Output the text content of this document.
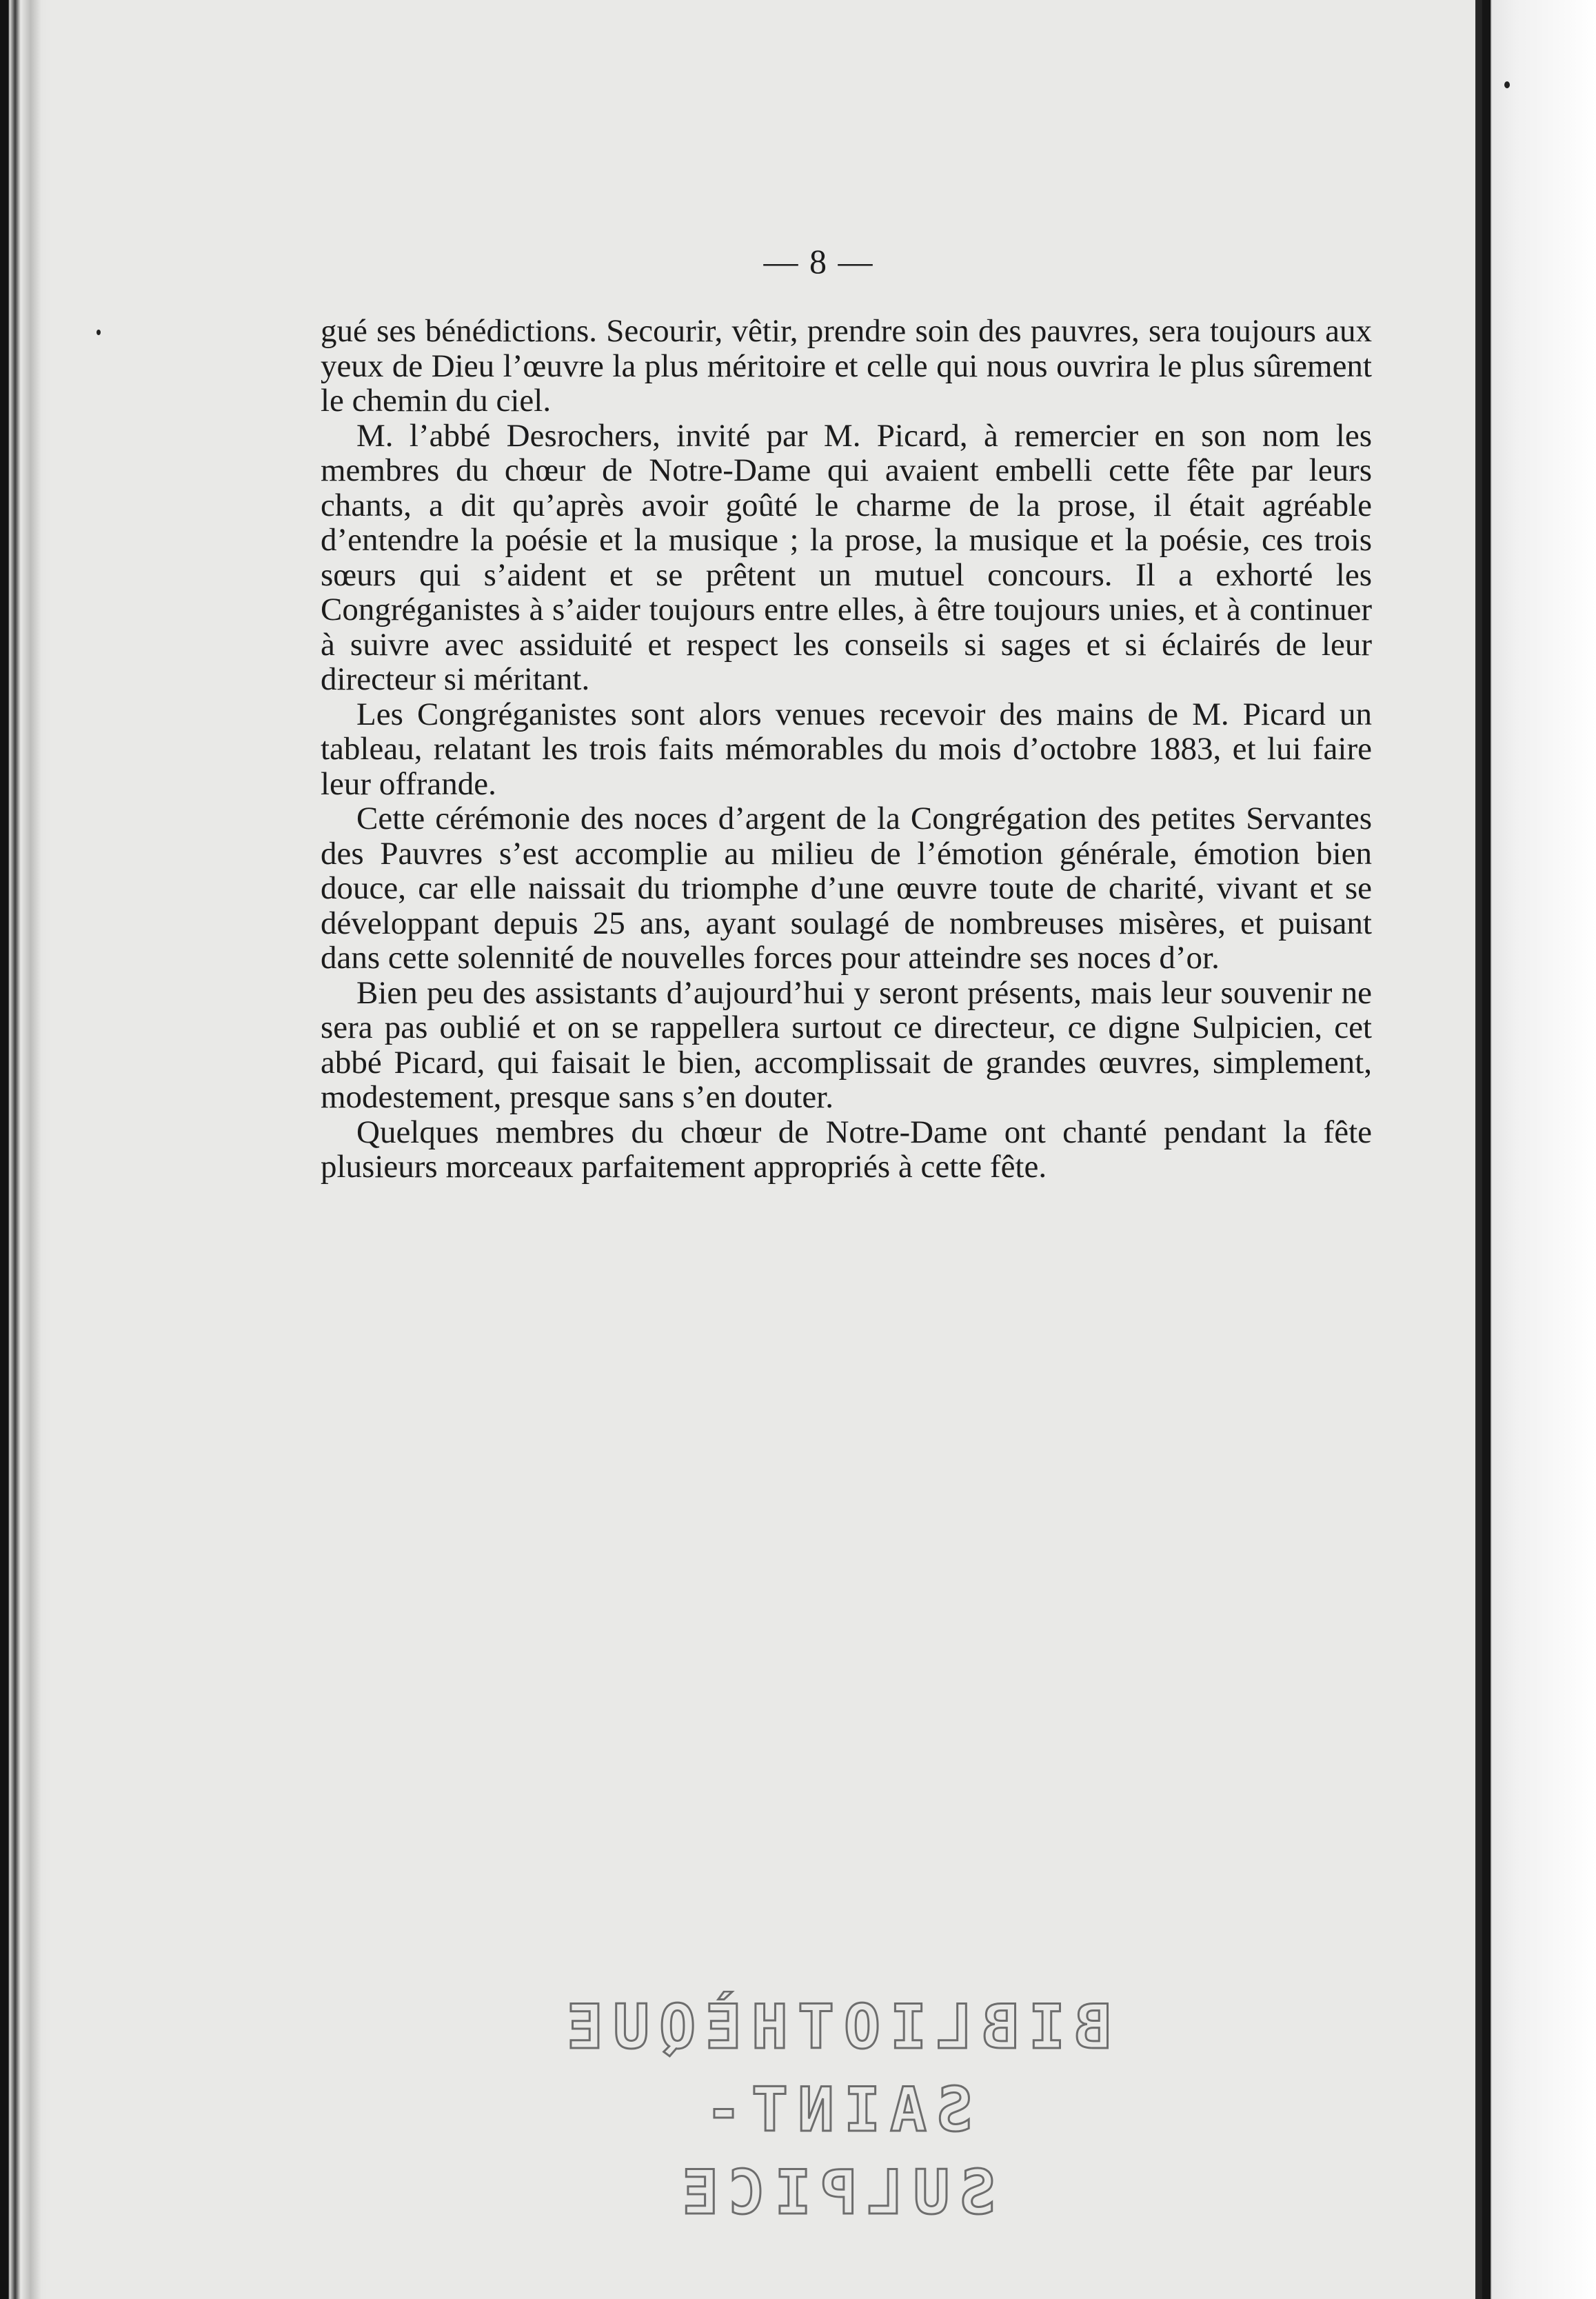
— 8 —

gué ses bénédictions. Secourir, vêtir, prendre soin des pauvres, sera toujours aux yeux de Dieu l’œuvre la plus méritoire et celle qui nous ouvrira le plus sûrement le chemin du ciel.

M. l’abbé Desrochers, invité par M. Picard, à remercier en son nom les membres du chœur de Notre-Dame qui avaient embelli cette fête par leurs chants, a dit qu’après avoir goûté le charme de la prose, il était agréable d’entendre la poésie et la musique ; la prose, la musique et la poésie, ces trois sœurs qui s’aident et se prêtent un mutuel concours. Il a exhorté les Congréganistes à s’aider toujours entre elles, à être toujours unies, et à continuer à suivre avec assiduité et respect les conseils si sages et si éclairés de leur directeur si méritant.

Les Congréganistes sont alors venues recevoir des mains de M. Picard un tableau, relatant les trois faits mémorables du mois d’octobre 1883, et lui faire leur offrande.

Cette cérémonie des noces d’argent de la Congrégation des petites Servantes des Pauvres s’est accomplie au milieu de l’émotion générale, émotion bien douce, car elle naissait du triomphe d’une œuvre toute de charité, vivant et se développant depuis 25 ans, ayant soulagé de nombreuses misères, et puisant dans cette solennité de nouvelles forces pour atteindre ses noces d’or.

Bien peu des assistants d’aujourd’hui y seront présents, mais leur souvenir ne sera pas oublié et on se rappellera surtout ce directeur, ce digne Sulpicien, cet abbé Picard, qui faisait le bien, accomplissait de grandes œuvres, simplement, modestement, presque sans s’en douter.

Quelques membres du chœur de Notre-Dame ont chanté pendant la fête plusieurs morceaux parfaitement appropriés à cette fête.

BIBLIOTHÈQUE
SAINT-SULPICE
